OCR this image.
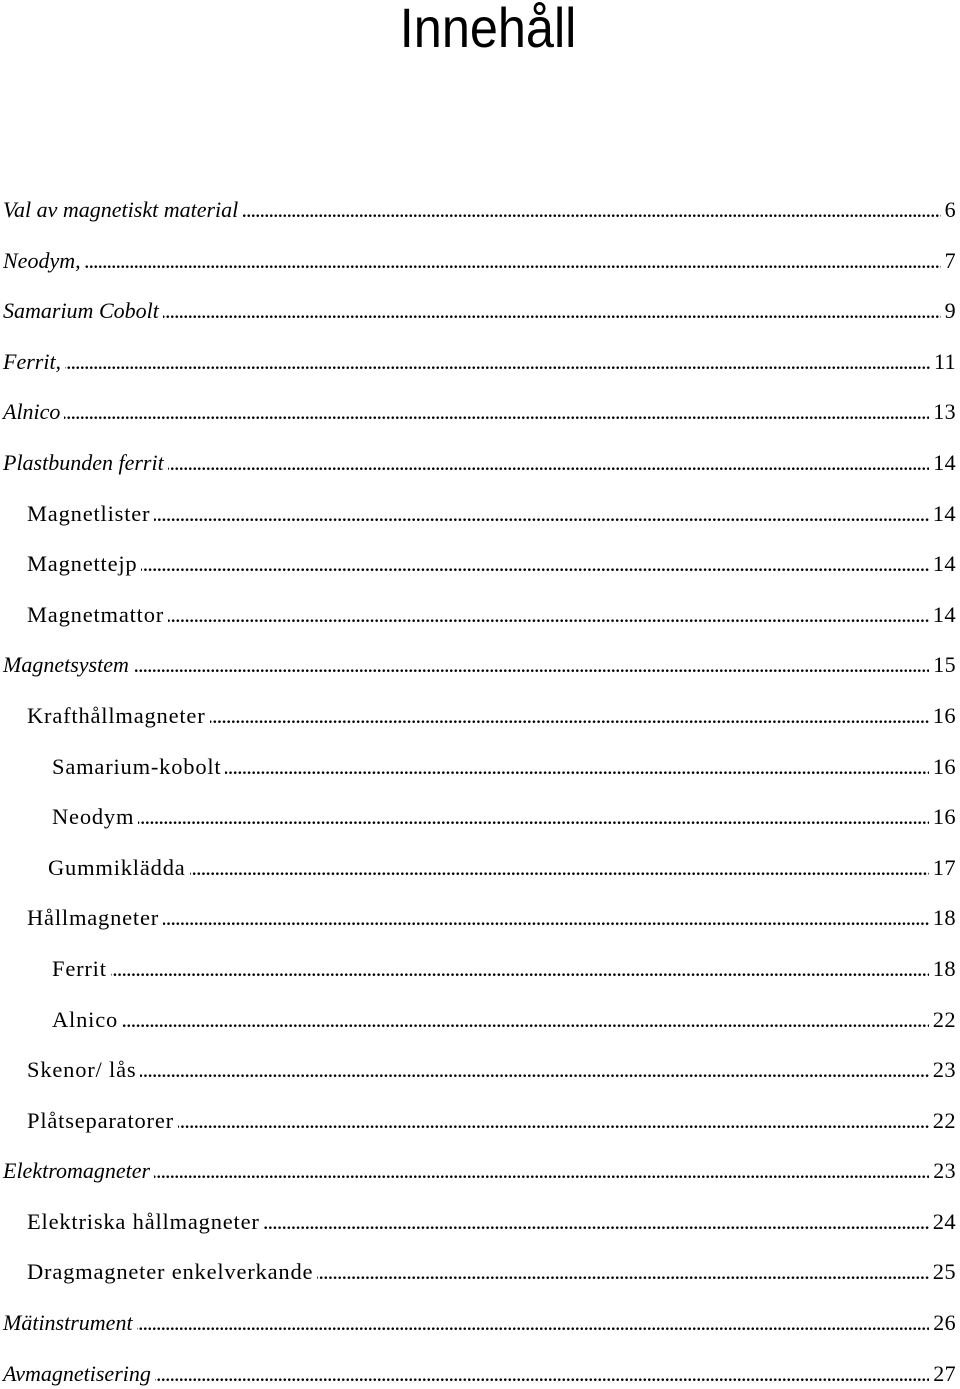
Innehåll
6
Val av magnetiskt material
7
Neodym,
9
Samarium Cobolt
11
Ferrit,
13
Alnico
14
Plastbunden ferrit
14
Magnetlister
14
Magnettejp
14
Magnetmattor
15
Magnetsystem
16
Krafthållmagneter
16
Samarium-kobolt
16
Neodym
17
Gummiklädda
18
Hållmagneter
18
Ferrit
22
Alnico
23
Skenor/ lås
22
Plåtseparatorer
23
Elektromagneter
24
Elektriska hållmagneter
25
Dragmagneter enkelverkande
26
Mätinstrument
27
Avmagnetisering
